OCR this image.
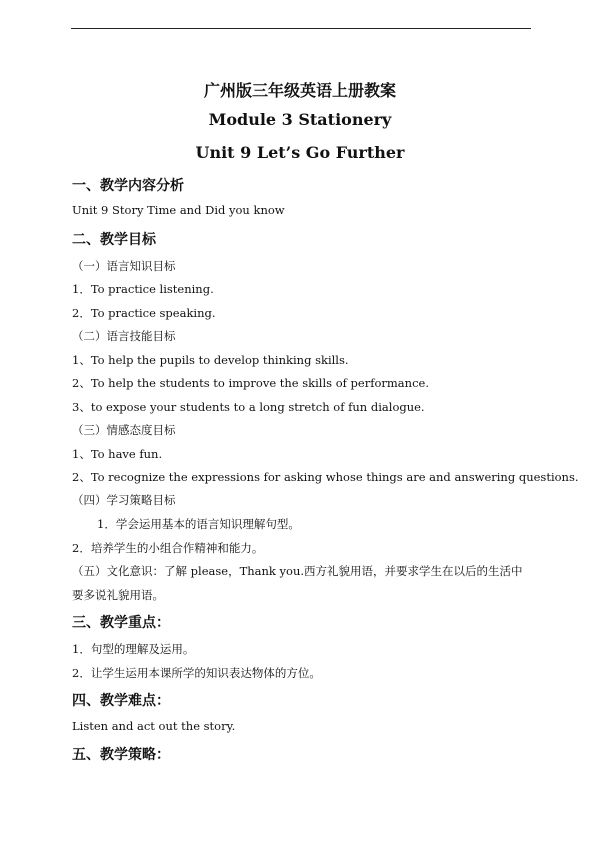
广州版三年级英语上册教案
Module 3 Stationery
Unit 9 Let’s Go Further
一、教学内容分析
Unit 9 Story Time and Did you know
二、教学目标
（一）语言知识目标
1．To practice listening.
2．To practice speaking.
（二）语言技能目标
1、To help the pupils to develop thinking skills.
2、To help the students to improve the skills of performance.
3、to expose your students to a long stretch of fun dialogue.
（三）情感态度目标
1、To have fun.
2、To recognize the expressions for asking whose things are and answering questions.
（四）学习策略目标
1．学会运用基本的语言知识理解句型。
2．培养学生的小组合作精神和能力。
（五）文化意识：了解 please，Thank you.西方礼貌用语，并要求学生在以后的生活中
要多说礼貌用语。
三、教学重点：
1．句型的理解及运用。
2．让学生运用本课所学的知识表达物体的方位。
四、教学难点：
Listen and act out the story.
五、教学策略：
